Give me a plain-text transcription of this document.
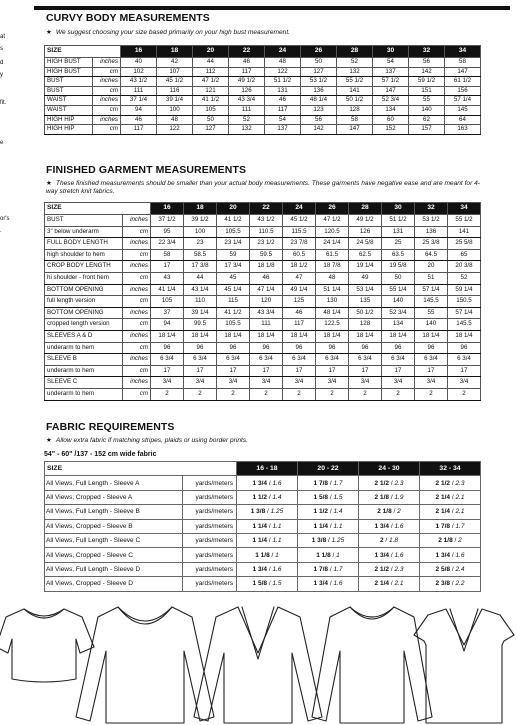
at
s
d
y
fit.
e
or's
.
CURVY BODY MEASUREMENTS
★ We suggest choosing your size based primarily on your high bust measurement.
SIZE		16	18	20	22	24	26	28	30	32	34
HIGH BUST	inches	40	42	44	46	48	50	52	54	56	58
HIGH BUST	cm	102	107	112	117	122	127	132	137	142	147
BUST	inches	43 1/2	45 1/2	47 1/2	49 1/2	51 1/2	53 1/2	55 1/2	57 1/2	59 1/2	61 1/2
BUST	cm	111	116	121	126	131	136	141	147	151	156
WAIST	inches	37 1/4	39 1/4	41 1/2	43 3/4	46	48 1/4	50 1/2	52 3/4	55	57 1/4
WAIST	cm	94	100	105	111	117	123	128	134	140	145
HIGH HIP	inches	46	48	50	52	54	56	58	60	62	64
HIGH HIP	cm	117	122	127	132	137	142	147	152	157	163
FINISHED GARMENT MEASUREMENTS
★ These finished measurements should be smaller than your actual body measurements. These garments have negative ease and are meant for 4-way stretch knit fabrics.
SIZE		16	18	20	22	24	26	28	30	32	34
BUST	inches	37 1/2	39 1/2	41 1/2	43 1/2	45 1/2	47 1/2	49 1/2	51 1/2	53 1/2	55 1/2
3" below underarm	cm	95	100	105.5	110.5	115.5	120.5	126	131	136	141
FULL BODY LENGTH	inches	22 3/4	23	23 1/4	23 1/2	23 7/8	24 1/4	24 5/8	25	25 3/8	25 5/8
high shoulder to hem	cm	58	58.5	59	59.5	60.5	61.5	62.5	63.5	64.5	65
CROP BODY LENGTH	inches	17	17 3/8	17 3/4	18 1/8	18 1/2	18 7/8	19 1/4	19 5/8	20	20 3/8
hi shoulder - front hem	cm	43	44	45	46	47	48	49	50	51	52
BOTTOM OPENING	inches	41 1/4	43 1/4	45 1/4	47 1/4	49 1/4	51 1/4	53 1/4	55 1/4	57 1/4	59 1/4
full length version	cm	105	110	115	120	125	130	135	140	145.5	150.5
BOTTOM OPENING	inches	37	39 1/4	41 1/2	43 3/4	46	48 1/4	50 1/2	52 3/4	55	57 1/4
cropped length version	cm	94	99.5	105.5	111	117	122.5	128	134	140	145.5
SLEEVES A & D	inches	18 1/4	18 1/4	18 1/4	18 1/4	18 1/4	18 1/4	18 1/4	18 1/4	18 1/4	18 1/4
underarm to hem	cm	96	96	96	96	96	96	96	96	96	96
SLEEVE B	inches	6 3/4	6 3/4	6 3/4	6 3/4	6 3/4	6 3/4	6 3/4	6 3/4	6 3/4	6 3/4
underarm to hem	cm	17	17	17	17	17	17	17	17	17	17
SLEEVE C	inches	3/4	3/4	3/4	3/4	3/4	3/4	3/4	3/4	3/4	3/4
underarm to hem	cm	2	2	2	2	2	2	2	2	2	2
FABRIC REQUIREMENTS
★ Allow extra fabric if matching stripes, plaids or using border prints.
54" - 60" /137 - 152 cm wide fabric
SIZE		16 - 18	20 - 22	24 - 30	32 - 34
All Views, Full Length - Sleeve A	yards/meters	1 3/4 / 1.6	1 7/8 / 1.7	2 1/2 / 2.3	2 1/2 / 2.3
All Views, Cropped - Sleeve A	yards/meters	1 1/2 / 1.4	1 5/8 / 1.5	2 1/8 / 1.9	2 1/4 / 2.1
All Views, Full Length - Sleeve B	yards/meters	1 3/8 / 1.25	1 1/2 / 1.4	2 1/8 / 2	2 1/4 / 2.1
All Views, Cropped - Sleeve B	yards/meters	1 1/4 / 1.1	1 1/4 / 1.1	1 3/4 / 1.6	1 7/8 / 1.7
All Views, Full Length - Sleeve C	yards/meters	1 1/4 / 1.1	1 3/8 / 1.25	2 / 1.8	2 1/8 / 2
All Views, Cropped - Sleeve C	yards/meters	1 1/8 / 1	1 1/8 / 1	1 3/4 / 1.6	1 3/4 / 1.6
All Views, Full Length - Sleeve D	yards/meters	1 3/4 / 1.6	1 7/8 / 1.7	2 1/2 / 2.3	2 5/8 / 2.4
All Views, Cropped - Sleeve D	yards/meters	1 5/8 / 1.5	1 3/4 / 1.6	2 1/4 / 2.1	2 3/8 / 2.2
